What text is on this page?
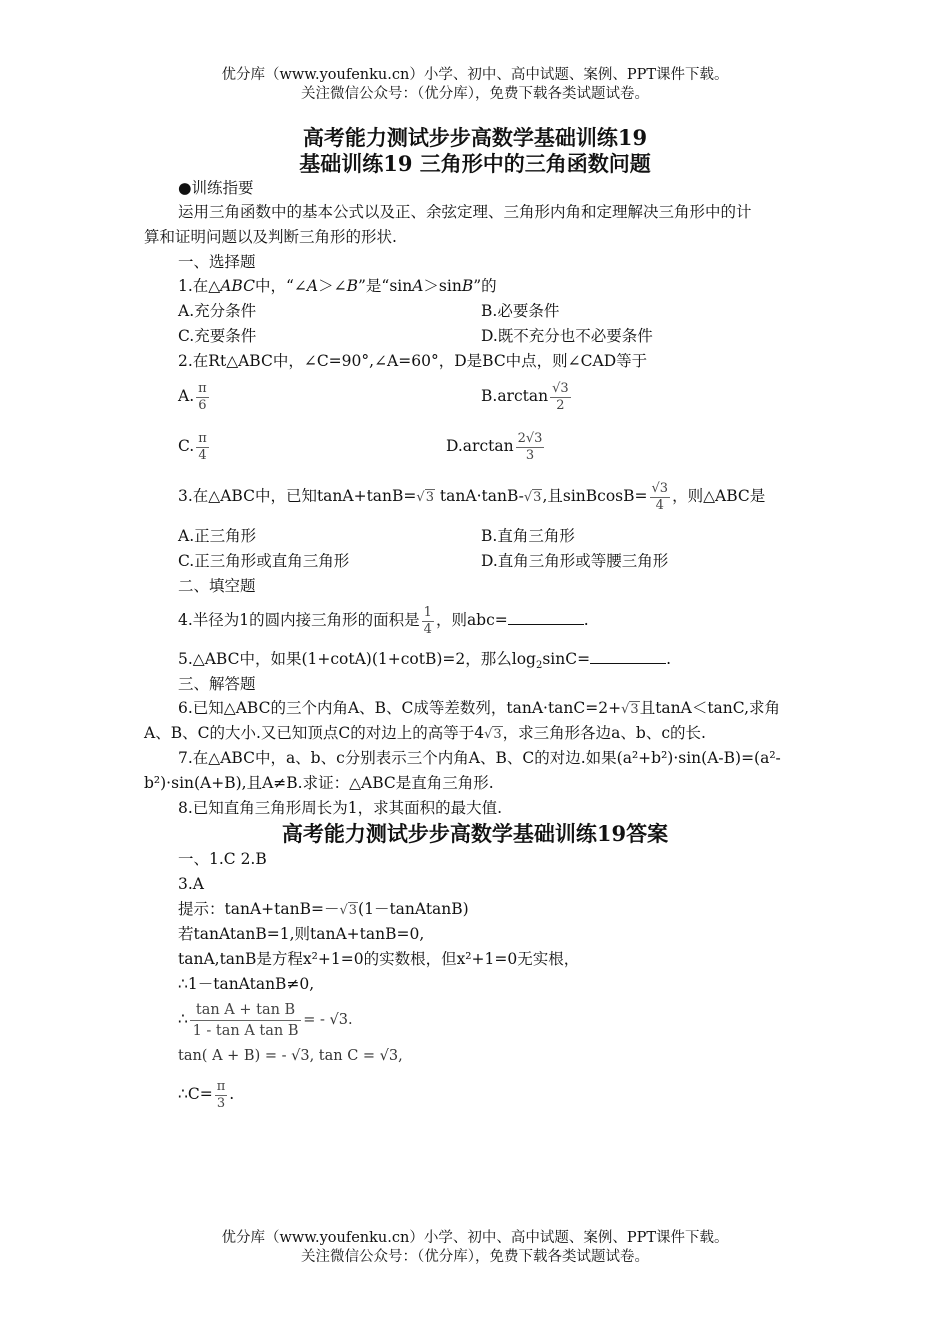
优分库（www.youfenku.cn）小学、初中、高中试题、案例、PPT课件下载。
关注微信公众号：（优分库），免费下载各类试题试卷。
高考能力测试步步高数学基础训练19
基础训练19 三角形中的三角函数问题
●训练指要
运用三角函数中的基本公式以及正、余弦定理、三角形内角和定理解决三角形中的计
算和证明问题以及判断三角形的形状.
一、选择题
1.在△ABC中，“∠A＞∠B”是“sinA＞sinB”的
A.充分条件	B.必要条件
C.充要条件	D.既不充分也不必要条件
2.在Rt△ABC中，∠C=90°,∠A=60°，D是BC中点，则∠CAD等于
A. $\frac{\pi}{6}$	$B.\arctan \frac{√3}{2}$
C. $\frac{\pi}{4}$	$D.\arctan \frac{2√3}{3}$
3.在△ABC中，已知tanA+tanB=√3 tanA·tanB-√3,且sinBcosB= $\frac{√3}{4}$ ，则△ABC是
A.正三角形	B.直角三角形
C.正三角形或直角三角形	D.直角三角形或等腰三角形
二、填空题
4.半径为1的圆内接三角形的面积是 $\frac{1}{4}$ ，则abc=	.
5.△ABC中，如果(1+cotA)(1+cotB)=2，那么$\log_2\sin C=$	.
三、解答题
6.已知△ABC的三个内角A、B、C成等差数列，tanA·tanC=2+√3且tanA＜tanC,求角
A、B、C的大小.又已知顶点C的对边上的高等于4√3，求三角形各边a、b、c的长.
7.在△ABC中，a、b、c分别表示三个内角A、B、C的对边.如果(a²+b²)·sin(A-B)=(a²-
b²)·sin(A+B),且A≠B.求证：△ABC是直角三角形.
8.已知直角三角形周长为1，求其面积的最大值.
高考能力测试步步高数学基础训练19答案
一、1.C 2.B
3.A
提示：tanA+tanB=－√3(1－tanAtanB)
若tanAtanB=1,则tanA+tanB=0,
tanA,tanB是方程x²+1=0的实数根，但x²+1=0无实根，
∴1－tanAtanB≠0,
∴ $\frac{\text{tan A + tan B}}{\text{1 - tan A tan B}}$ = - √3.
tan( A + B) = - √3, tan C = √3,
∴C= $\frac{\pi}{3}$ .
优分库（www.youfenku.cn）小学、初中、高中试题、案例、PPT课件下载。
关注微信公众号：（优分库），免费下载各类试题试卷。
